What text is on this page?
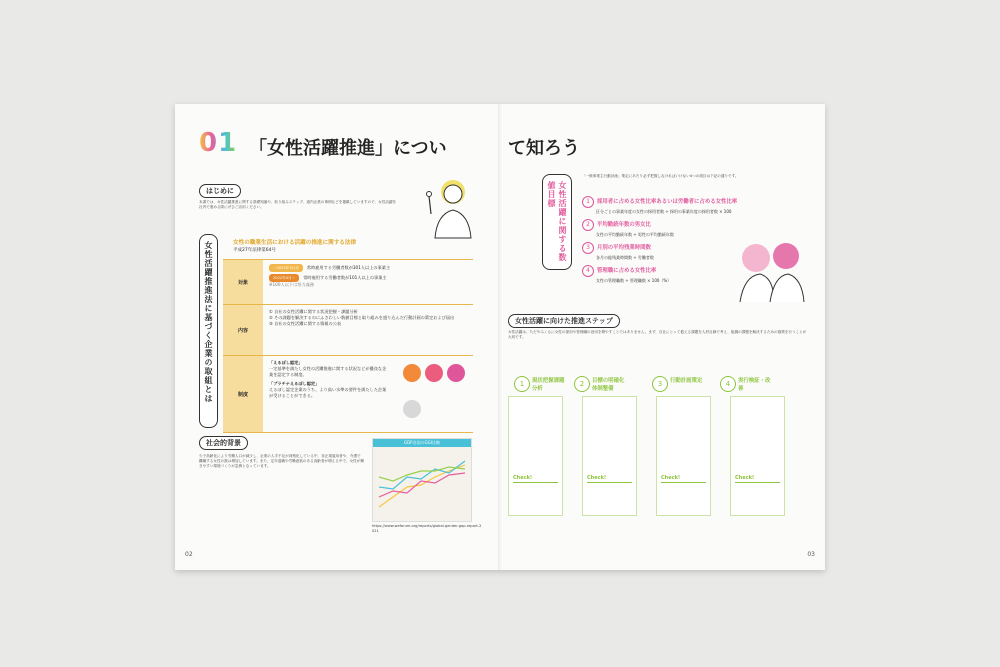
01 「女性活躍推進」につい
はじめに
本書では、女性活躍推進に関する基礎知識や、取り組みステップ、道内企業の事例などを掲載していますので、女性活躍を社内で進める際にぜひご活用ください。
女性活躍推進法に基づく企業の取組とは	女性の職業生活における活躍の推進に関する法律
平成27年法律第64号
対象
～2022年3月末 常時雇用する労働者数が301人以上の事業主
2022年4月～ 常時雇用する労働者数が101人以上の事業主
※100人以下は努力義務
内容
① 自社の女性活躍に関する状況把握・課題分析
② その課題を解決するのにふさわしい数値目標と取り組みを盛り込んだ行動計画の策定および届出
③ 自社の女性活躍に関する情報の公表
制度
「えるぼし認定」
一定基準を満たし女性の活躍推進に関する状況などが優良な企業を認定する制度。
「プラチナえるぼし認定」
えるぼし認定企業のうち、より高い水準の要件を満たした企業が受けることができる。
社会的背景
少子高齢化により労働人口が減少し、企業の人手不足が深刻化している中、非正規雇用者や、介護で離職する女性の数は増加しています。また、定年退職や労働意欲のある高齢者が増える中で、女性が働きやすい環境づくりが急務となっています。
GDP各国のGGI比較
https://www.weforum.org/reports/global-gender-gap-report-2021
02
て知ろう
女性活躍に関する数値目標
「一般事業主行動計画」策定にあたり必ず把握しなければいけない4つの項目は下記の通りです。
1 採用者に占める女性比率あるいは労働者に占める女性比率
区分ごとの事業年度の女性の採用者数 ÷ 採用の事業年度の採用者数 × 100
2 平均勤続年数の男女比
女性の平均勤続年数 ÷ 男性の平均勤続年数
3 月別の平均残業時間数
各月の総残業時間数 ÷ 労働者数
4 管理職に占める女性比率
女性の管理職数 ÷ 管理職数 × 100（%）
女性活躍に向けた推進ステップ
女性活躍は、ただやみくもに女性の採用や管理職の登用を増やすことではありません。まず、自社にとって抱える課題を人材目線で考え、組織の課題を解決するための施策を行うことが大切です。
1	現状把握課題分析
2	目標の明確化体制整備
3	行動計画策定	4	実行検証・改善
Check!	Check!	Check!	Check!
03
